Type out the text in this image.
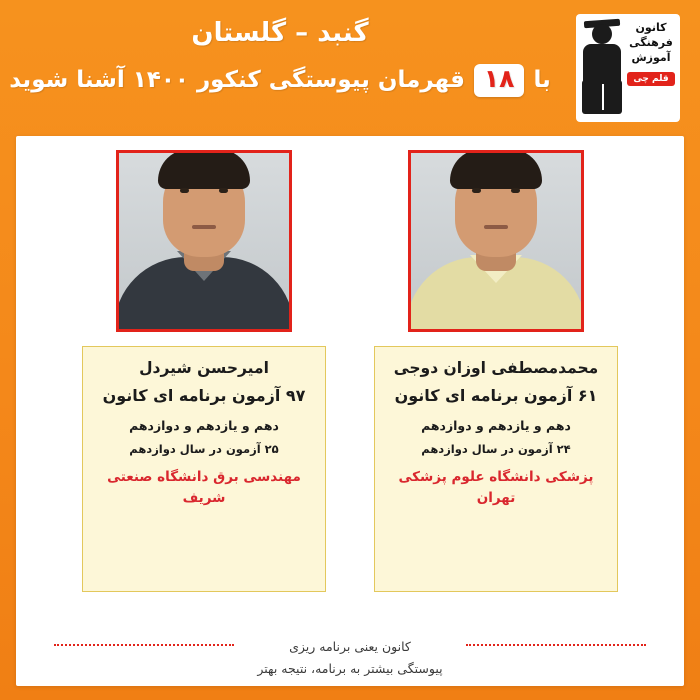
کانون
فرهنگی
آموزش
قلم چی
گنبد – گلستان
با
۱۸
قهرمان پیوستگی کنکور ۱۴۰۰ آشنا شوید
محمدمصطفی اوزان دوجی
۶۱ آزمون برنامه ای کانون
دهم و یازدهم و دوازدهم
۲۴ آزمون در سال دوازدهم
پزشکی دانشگاه علوم پزشکی تهران
امیرحسن شیردل
۹۷ آزمون برنامه ای کانون
دهم و یازدهم و دوازدهم
۲۵ آزمون در سال دوازدهم
مهندسی برق دانشگاه صنعتی شریف
کانون یعنی برنامه ریزی
پیوستگی بیشتر به برنامه، نتیجه بهتر
